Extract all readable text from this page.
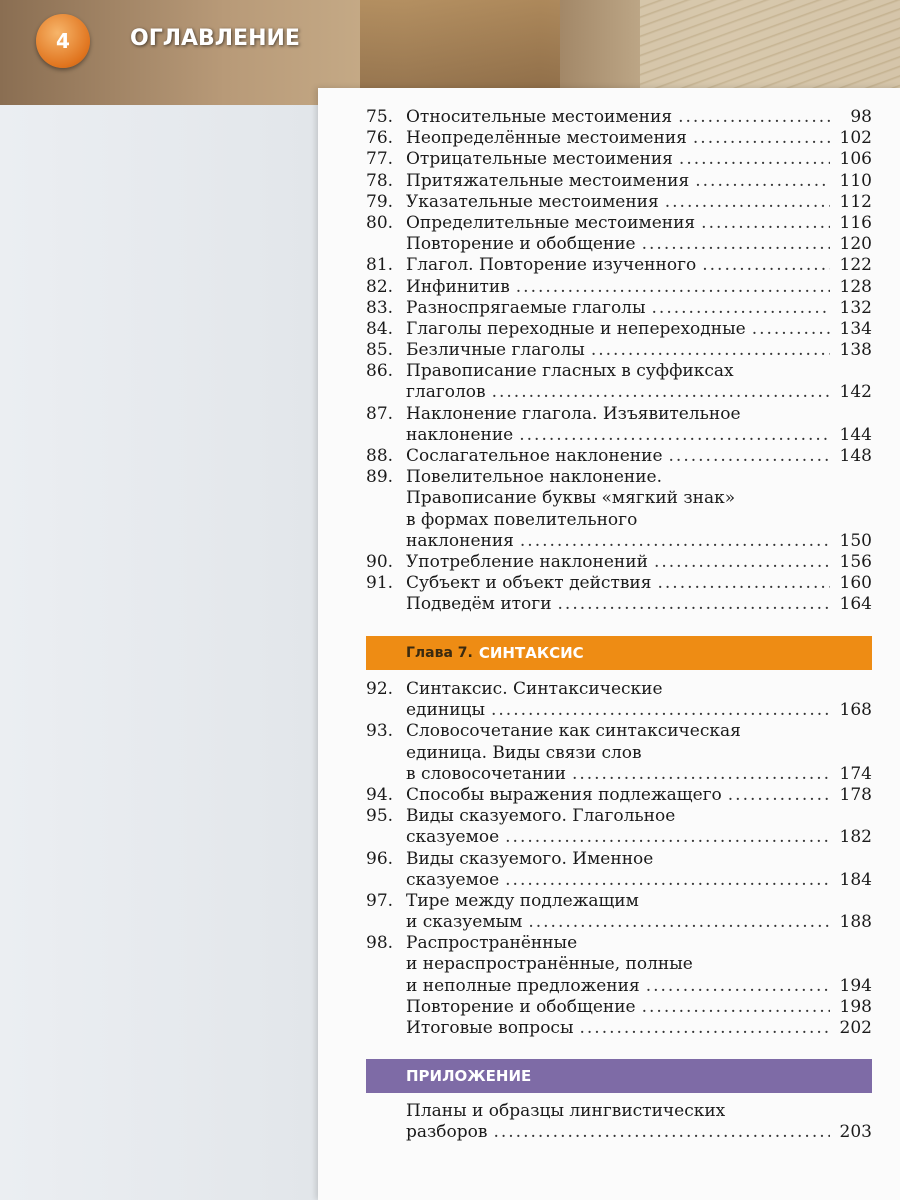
4	ОГЛАВЛЕНИЕ
75. Относительные местоимения .....	98
76. Неопределённые местоимения .....	102
77. Отрицательные местоимения .....	106
78. Притяжательные местоимения .....	110
79. Указательные местоимения .....	112
80. Определительные местоимения .....	116
Повторение и обобщение .....	120
81. Глагол. Повторение изученного .....	122
82. Инфинитив .....	128
83. Разноспрягаемые глаголы .....	132
84. Глаголы переходные и непереходные .....	134
85. Безличные глаголы .....	138
86. Правописание гласных в суффиксах
глаголов .....	142
87. Наклонение глагола. Изъявительное
наклонение .....	144
88. Сослагательное наклонение .....	148
89. Повелительное наклонение.
Правописание буквы «мягкий знак»
в формах повелительного
наклонения .....	150
90. Употребление наклонений .....	156
91. Субъект и объект действия .....	160
Подведём итоги .....	164
Глава 7. СИНТАКСИС
92. Синтаксис. Синтаксические
единицы .....	168
93. Словосочетание как синтаксическая
единица. Виды связи слов
в словосочетании .....	174
94. Способы выражения подлежащего .....	178
95. Виды сказуемого. Глагольное
сказуемое .....	182
96. Виды сказуемого. Именное
сказуемое .....	184
97. Тире между подлежащим
и сказуемым .....	188
98. Распространённые
и нераспространённые, полные
и неполные предложения .....	194
Повторение и обобщение .....	198
Итоговые вопросы .....	202
ПРИЛОЖЕНИЕ
Планы и образцы лингвистических
разборов .....	203
